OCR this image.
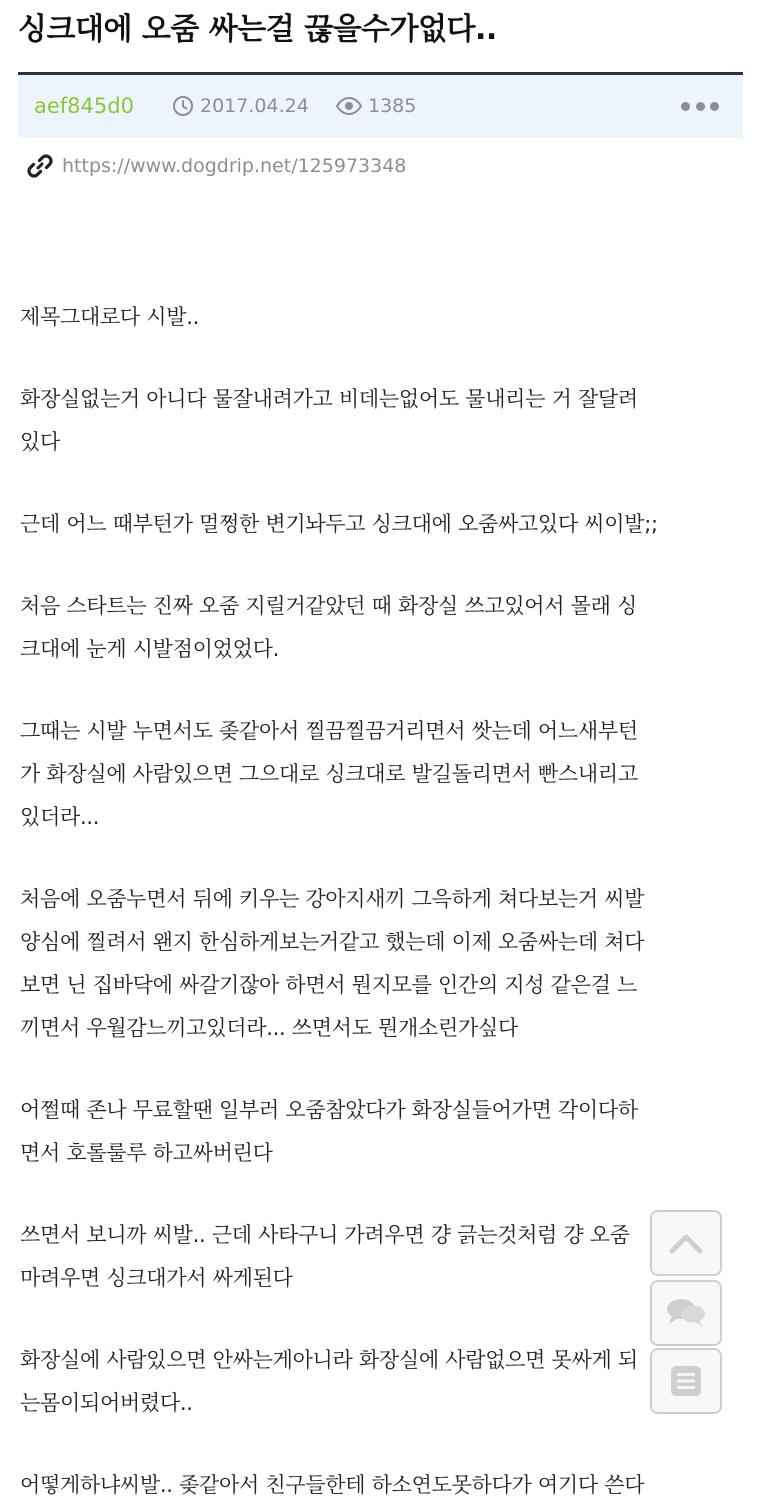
싱크대에 오줌 싸는걸 끊을수가없다..
aef845d0	2017.04.24	1385
https://www.dogdrip.net/125973348
제목그대로다 시발..
화장실없는거 아니다 물잘내려가고 비데는없어도 물내리는 거 잘달려
있다
근데 어느 때부턴가 멀쩡한 변기놔두고 싱크대에 오줌싸고있다 씨이발;;
처음 스타트는 진짜 오줌 지릴거같았던 때 화장실 쓰고있어서 몰래 싱
크대에 눈게 시발점이었었다.
그때는 시발 누면서도 좆같아서 찔끔찔끔거리면서 쌋는데 어느새부턴
가 화장실에 사람있으면 그으대로 싱크대로 발길돌리면서 빤스내리고
있더라...
처음에 오줌누면서 뒤에 키우는 강아지새끼 그윽하게 쳐다보는거 씨발
양심에 찔려서 왠지 한심하게보는거같고 했는데 이제 오줌싸는데 쳐다
보면 닌 집바닥에 싸갈기잖아 하면서 뭔지모를 인간의 지성 같은걸 느
끼면서 우월감느끼고있더라... 쓰면서도 뭔개소린가싶다
어쩔때 존나 무료할땐 일부러 오줌참았다가 화장실들어가면 각이다하
면서 호롤룰루 하고싸버린다
쓰면서 보니까 씨발.. 근데 사타구니 가려우면 걍 긁는것처럼 걍 오줌
마려우면 싱크대가서 싸게된다
화장실에 사람있으면 안싸는게아니라 화장실에 사람없으면 못싸게 되
는몸이되어버렸다..
어떻게하냐씨발.. 좆같아서 친구들한테 하소연도못하다가 여기다 쓴다
